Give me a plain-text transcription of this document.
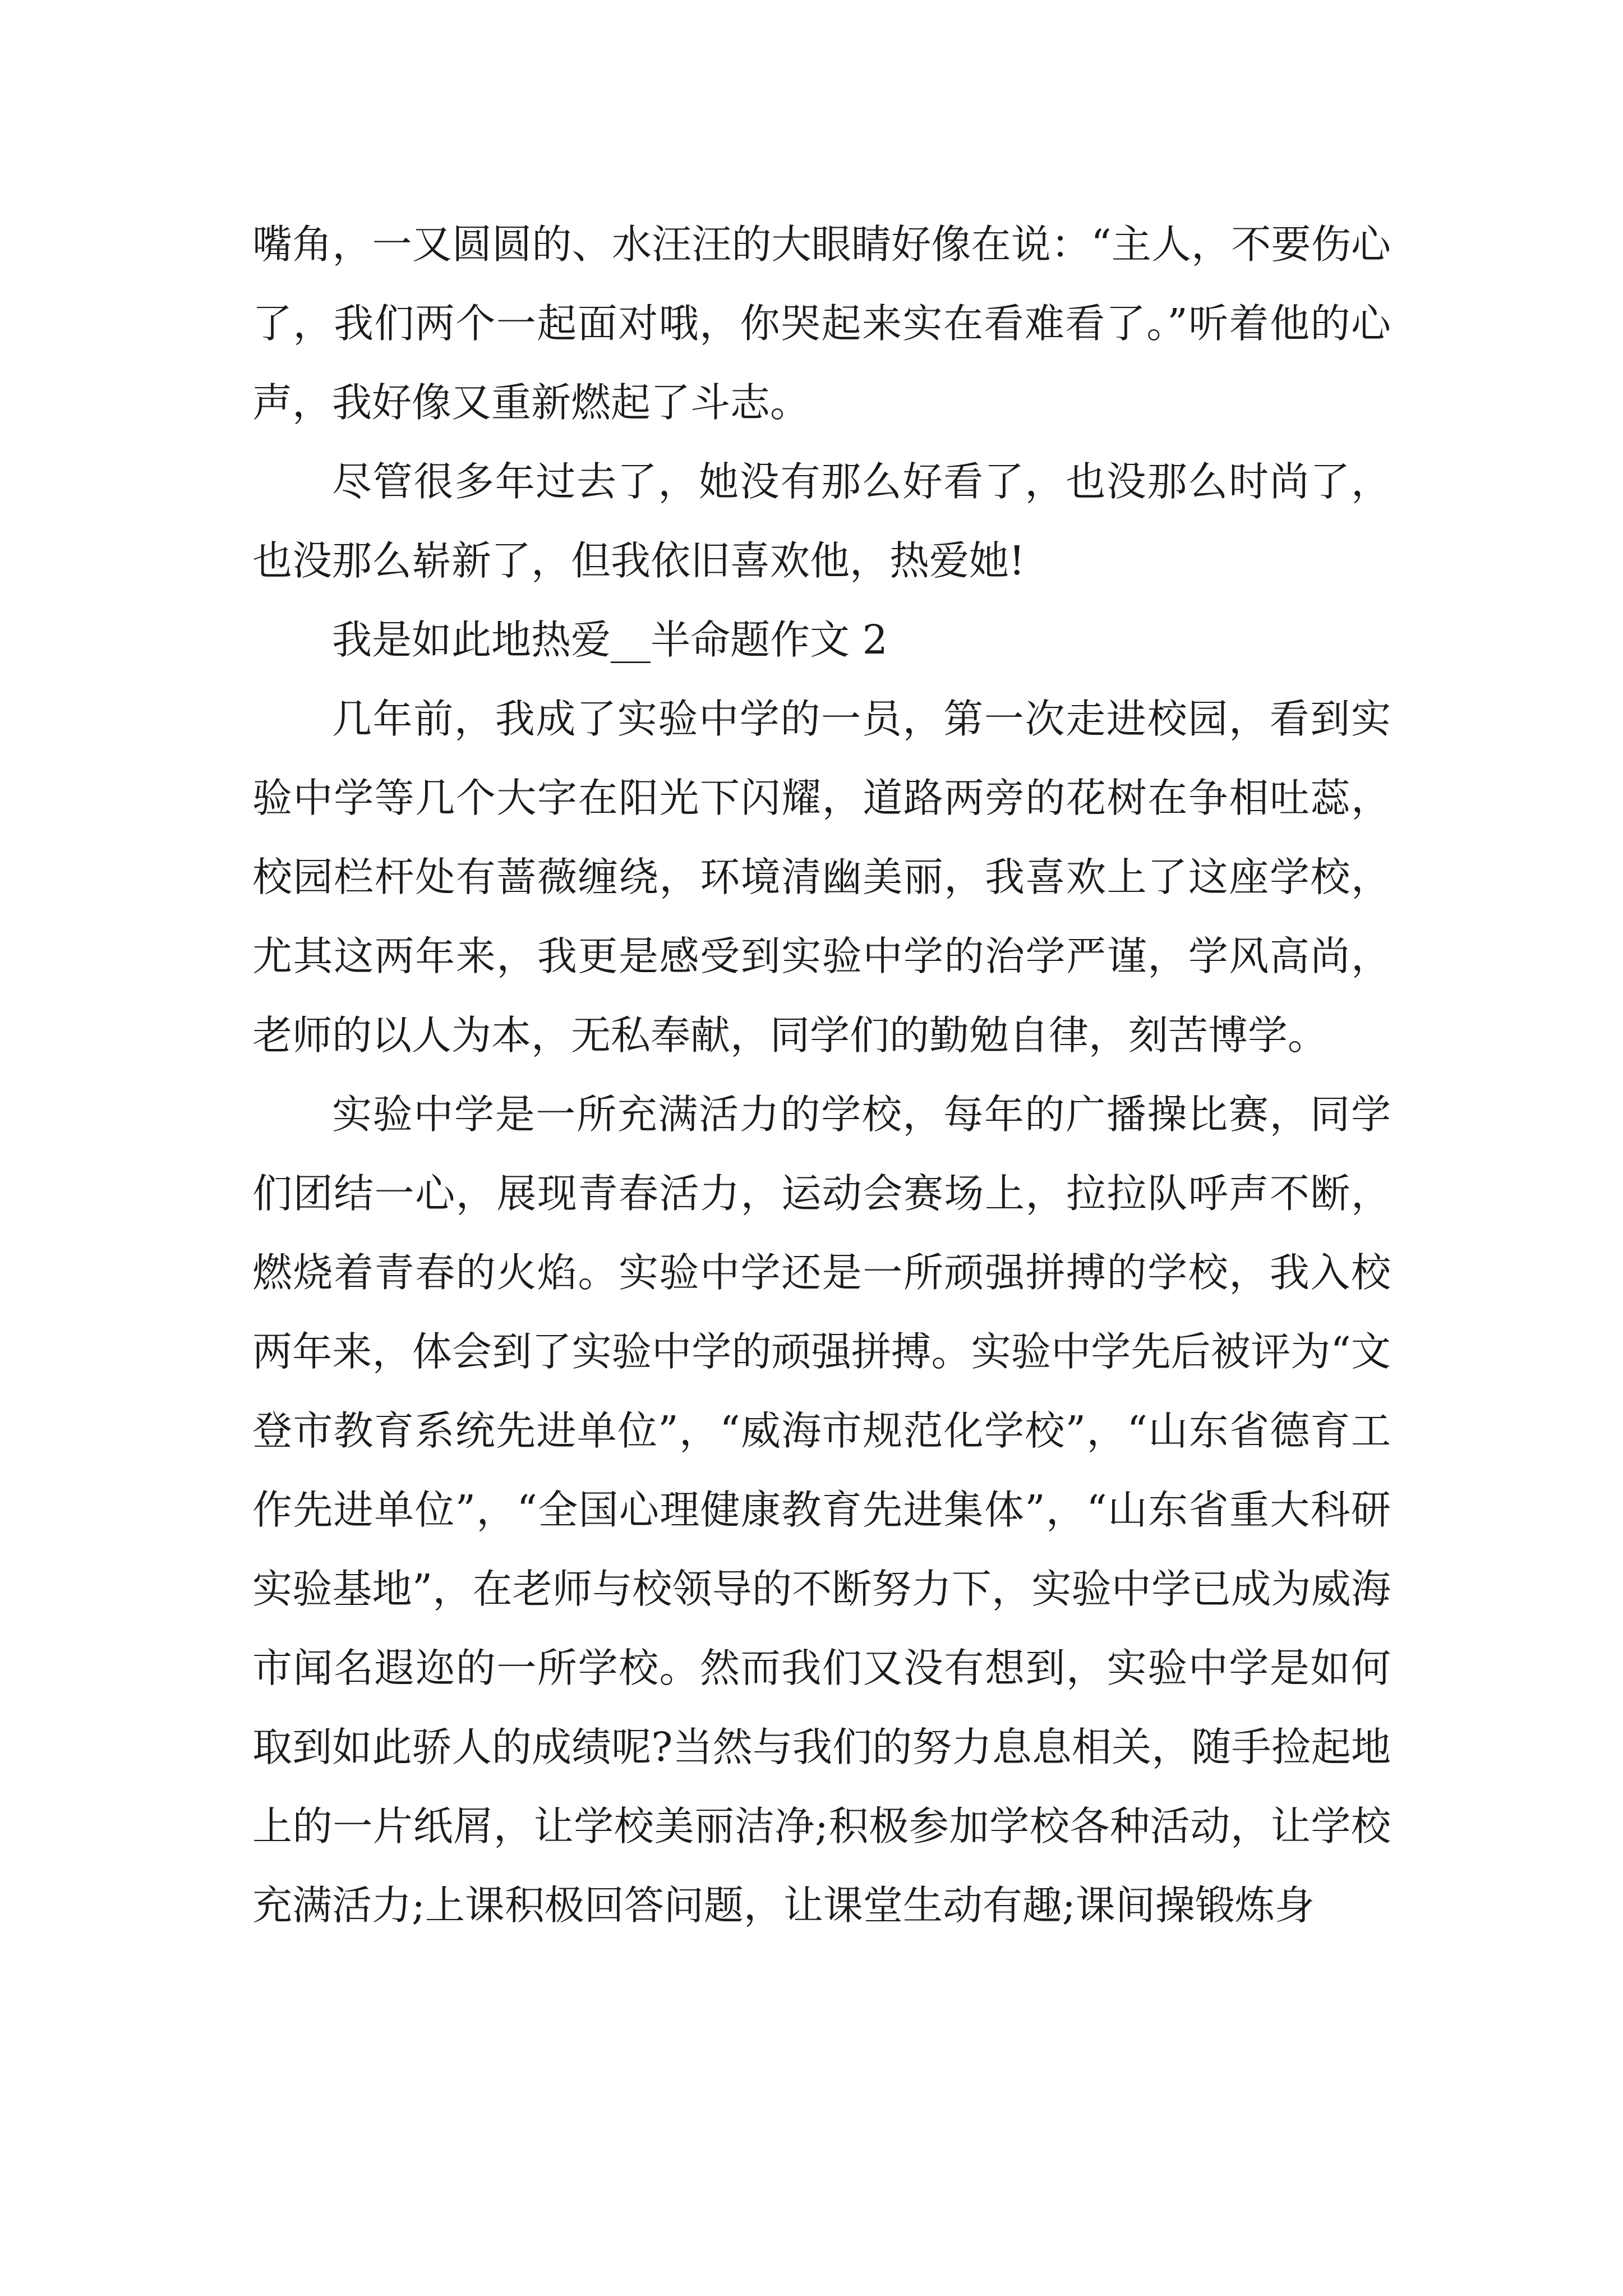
嘴角，一又圆圆的、水汪汪的大眼睛好像在说：“主人，不要伤心了，我们两个一起面对哦，你哭起来实在看难看了。”听着他的心声，我好像又重新燃起了斗志。

尽管很多年过去了，她没有那么好看了，也没那么时尚了，也没那么崭新了，但我依旧喜欢他，热爱她!

我是如此地热爱__半命题作文 2

几年前，我成了实验中学的一员，第一次走进校园，看到实验中学等几个大字在阳光下闪耀，道路两旁的花树在争相吐蕊，校园栏杆处有蔷薇缠绕，环境清幽美丽，我喜欢上了这座学校，尤其这两年来，我更是感受到实验中学的治学严谨，学风高尚，老师的以人为本，无私奉献，同学们的勤勉自律，刻苦博学。

实验中学是一所充满活力的学校，每年的广播操比赛，同学们团结一心，展现青春活力，运动会赛场上，拉拉队呼声不断，燃烧着青春的火焰。实验中学还是一所顽强拼搏的学校，我入校两年来，体会到了实验中学的顽强拼搏。实验中学先后被评为“文登市教育系统先进单位”，“威海市规范化学校”，“山东省德育工作先进单位”，“全国心理健康教育先进集体”，“山东省重大科研实验基地”，在老师与校领导的不断努力下，实验中学已成为威海市闻名遐迩的一所学校。然而我们又没有想到，实验中学是如何取到如此骄人的成绩呢?当然与我们的努力息息相关，随手捡起地上的一片纸屑，让学校美丽洁净;积极参加学校各种活动，让学校充满活力;上课积极回答问题，让课堂生动有趣;课间操锻炼身
